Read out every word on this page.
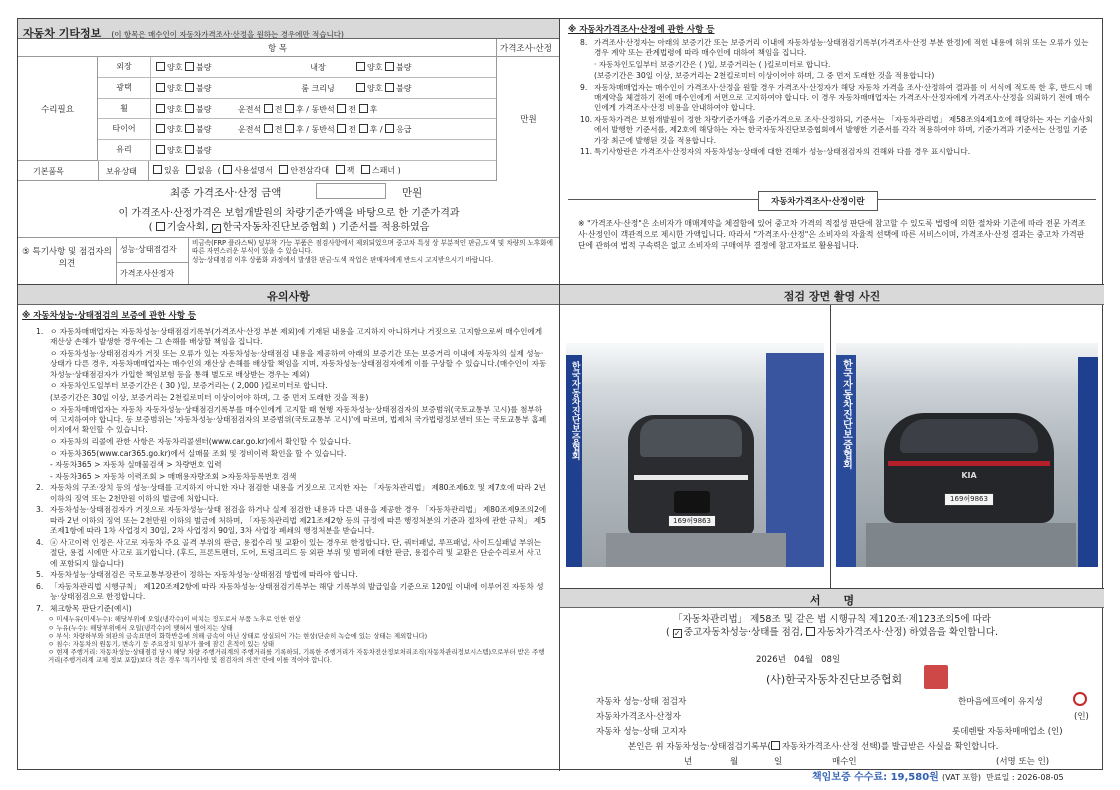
자동차 기타정보 (이 항목은 매수인이 자동차가격조사·산정을 원하는 경우에만 적습니다)
항 목	가격조사·산정
수리필요
만원
외장	양호 불량	내장	양호 불량
광택	양호 불량	룸 크리닝	양호 불량
휠	양호 불량	운전석 전 후 / 동반석 전 후
타이어	양호 불량	운전석 전 후 / 동반석 전 후 / 응급
유리	양호 불량
기본품목	보유상태	있음 없음  ( 사용설명서 안전삼각대 잭 스패너 )
최종 가격조사·산정 금액	만원
이 가격조사·산정가격은 보험개발원의 차량기준가액을 바탕으로 한 기준가격과
( 기술사회, ✓ 한국자동차진단보증협회 ) 기준서를 적용하였음
⑤ 특기사항 및 점검자의 의견
성능·상태점검자
비금속(FRP 플라스틱) 덮부착 가능 부품은 점검사항에서 제외되었으며 중고차 특성 상 부분적인 판금,도색 및 차량의 노후화에 따른 자연스러운 부식이 있을 수 있습니다.
성능·상태점검 이후 상품화 과정에서 발생한 판금·도색 작업은 판매자에게 반드시 고지받으시기 바랍니다.
가격조사산정자
※ 자동차가격조사·산정에 관한 사항 등
8. 가격조사·산정자는 아래의 보증기간 또는 보증거리 이내에 자동차성능·상태점검기록부(가격조사·산정 부분 한정)에 적힌 내용에 허위 또는 오류가 있는 경우 계약 또는 관계법령에 따라 매수인에 대하여 책임을 집니다.
· 자동차인도일부터 보증기간은 ( )일, 보증거리는 ( )킬로미터로 합니다.
(보증기간은 30일 이상, 보증거리는 2천킬로미터 이상이어야 하며, 그 중 먼저 도래한 것을 적용합니다)
9. 자동차매매업자는 매수인이 가격조사·산정을 원할 경우 가격조사·산정자가 해당 자동차 가격을 조사·산정하여 결과를 이 서식에 적도록 한 후, 반드시 매매계약을 체결하기 전에 매수인에게 서면으로 고지하여야 합니다. 이 경우 자동차매매업자는 가격조사·산정자에게 가격조사·산정을 의뢰하기 전에 매수인에게 가격조사·산정 비용을 안내하여야 합니다.
10. 자동차가격은 보험개발원이 정한 차량기준가액을 기준가격으로 조사·산정하되, 기준서는 「자동차관리법」 제58조의4제1호에 해당하는 자는 기술사회에서 발행한 기준서를, 제2호에 해당하는 자는 한국자동차진단보증협회에서 발행한 기준서를 각각 적용하여야 하며, 기준가격과 기준서는 산정일 기준 가장 최근에 발행된 것을 적용합니다.
11. 특기사항란은 가격조사·산정자의 자동차성능·상태에 대한 견해가 성능·상태점검자의 견해와 다를 경우 표시합니다.
자동차가격조사·산정이란
※ "가격조사·산정"은 소비자가 매매계약을 체결함에 있어 중고차 가격의 적절성 판단에 참고할 수 있도록 법령에 의한 절차와 기준에 따라 전문 가격조사·산정인이 객관적으로 제시한 가액입니다. 따라서 "가격조사·산정"은 소비자의 자율적 선택에 따른 서비스이며, 가격조사·산정 결과는 중고차 가격판단에 관하여 법적 구속력은 없고 소비자의 구매여부 결정에 참고자료로 활용됩니다.
유의사항
※ 자동차성능·상태점검의 보증에 관한 사항 등
1. ㅇ 자동차매매업자는 자동차성능·상태점검기록부(가격조사·산정 부분 제외)에 기재된 내용을 고지하지 아니하거나 거짓으로 고지함으로써 매수인에게 재산상 손해가 발생한 경우에는 그 손해를 배상할 책임을 집니다.
ㅇ 자동차성능·상태점검자가 거짓 또는 오류가 있는 자동차성능·상태점검 내용을 제공하여 아래의 보증기간 또는 보증거리 이내에 자동차의 실제 성능·상태가 다른 경우, 자동차매매업자는 매수인의 재산상 손해를 배상할 책임을 지며, 자동차성능·상태점검자에게 이를 구상할 수 있습니다.(매수인이 자동차성능·상태점검자가 가입한 책임보험 등을 통해 별도로 배상받는 경우는 제외)
ㅇ 자동차인도일부터 보증기간은 ( 30 )일, 보증거리는 ( 2,000 )킬로미터로 합니다.
(보증기간은 30일 이상, 보증거리는 2천킬로미터 이상이어야 하며, 그 중 먼저 도래한 것을 적용)
ㅇ 자동차매매업자는 자동차 자동차성능·상태점검기록부를 매수인에게 고지할 때 현행 자동차성능·상태점검자의 보증범위(국토교통부 고시)를 첨부하여 고지하여야 합니다. 동 보증범위는 '자동차성능·상태점검자의 보증범위(국토교통부 고시)'에 따르며, 법제처 국가법령정보센터 또는 국토교통부 홈페이지에서 확인할 수 있습니다.
ㅇ 자동차의 리콜에 관한 사항은 자동차리콜센터(www.car.go.kr)에서 확인할 수 있습니다.
ㅇ 자동차365(www.car365.go.kr)에서 실매물 조회 및 정비이력 확인을 할 수 있습니다.
- 자동차365 > 자동차 실매물검색 > 차량번호 입력
- 자동차365 > 자동차 이력조회 > 매매용자량조회 >자동차등록번호 검색
2. 자동차의 구조·장치 등의 성능·상태를 고지하지 아니한 자나 점검한 내용을 거짓으로 고지한 자는 「자동차관리법」 제80조제6호 및 제7호에 따라 2년 이하의 징역 또는 2천만원 이하의 벌금에 처합니다.
3. 자동차성능·상태점검자가 거짓으로 자동차성능·상태 점검을 하거나 실제 점검한 내용과 다른 내용을 제공한 경우 「자동차관리법」 제80조제9조의2에 따라 2년 이하의 징역 또는 2천만원 이하의 벌금에 처하며, 「자동차관리법 제21조제2항 등의 규정에 따른 행정처분의 기준과 절차에 관한 규칙」 제5조제1항에 따라 1차 사업정지 30일, 2차 사업정지 90일, 3차 사업장 폐쇄의 행정처분을 받습니다.
4. ⓐ 사고이력 인정은 사고로 자동차 주요 골격 부위의 판금, 용접수리 및 교환이 있는 경우로 한정합니다. 단, 쿼터패널, 루프패널, 사이드실패널 부위는 절단, 용접 시에만 사고로 표기합니다. (후드, 프론트펜더, 도어, 트렁크리드 등 외판 부위 및 범퍼에 대한 판금, 용접수리 및 교환은 단순수리로서 사고에 포함되지 않습니다)
5. 자동차성능·상태점검은 국토교통부장관이 정하는 자동차성능·상태점검 방법에 따라야 합니다.
6. 「자동차관리법 시행규칙」 제120조제2항에 따라 자동차성능·상태점검기록부는 해당 기록부의 발급일을 기준으로 120일 이내에 이루어진 자동차 성능·상태점검으로 한정합니다.
7. 체크항목 판단기준(예시)
ㅇ 미세누유(미세누수): 해당부위에 오일(냉각수)이 비치는 정도로서 부품 노후로 인한 현상
ㅇ 누유(누수): 해당부위에서 오일(냉각수)이 맺혀서 떨어지는 상태
ㅇ 부식: 차량하부와 외판의 금속표면이 화학반응에 의해 금속이 아닌 상태로 상실되어 가는 현상(단순히 녹슴에 있는 상태는 제외합니다)
ㅇ 침수: 자동차의 원동기, 변속기 등 주요장치 일부가 물에 잠긴 흔적이 있는 상태
ㅇ 현재 주행거리: 자동차성능·상태점검 당시 해당 차량 주행거리계의 주행거리를 기록하되, 기록한 주행거리가 자동차전산정보처리조직(자동차관리정보시스템)으로부터 받은 주행거리(주행거리계 교체 정보 포함)보다 적은 경우 '특기사항 및 점검자의 의견' 란에 이를 적어야 합니다.
점검 장면 촬영 사진
한국자동차진단보증협회
169허9863
한국자동차진단보증협회
KIA
169허9863
서      명
「자동차관리법」 제58조 및 같은 법 시행규칙 제120조·제123조의5에 따라
( ✓ 중고자동차성능·상태를 점검, 자동차가격조사·산정) 하였음을 확인합니다.
2026년 04월 08일
(사)한국자동차진단보증협회
자동차 성능·상태 점검자	한마음에프에이 유지성
자동차가격조사·산정자	(인)
자동차 성능·상태 고지자	롯데렌탈 자동차매매업소 (인)
본인은 위 자동차성능·상태점검기록부( 자동차가격조사·산정 선택)를 발급받은 사실을 확인합니다.
년	월	일	매수인	(서명 또는 인)
책임보증 수수료: 19,580원 (VAT 포함) 만료일 : 2026-08-05
